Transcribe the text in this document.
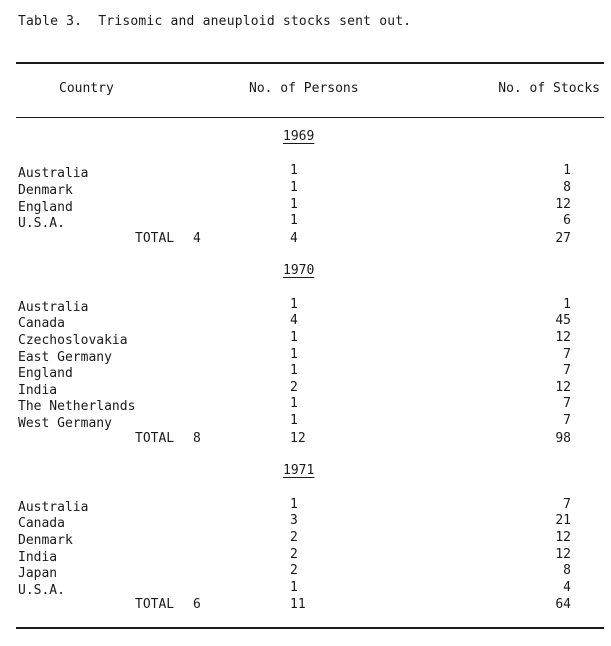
Table 3.  Trisomic and aneuploid stocks sent out.
Country	No. of Persons	No. of Stocks
1969
Australia	1	1
Denmark	1	8
England	1	12
U.S.A.	1	6
TOTAL 4	4	27
1970
Australia	1	1
Canada	4	45
Czechoslovakia	1	12
East Germany	1	7
England	1	7
India	2	12
The Netherlands	1	7
West Germany	1	7
TOTAL 8	12	98
1971
Australia	1	7
Canada	3	21
Denmark	2	12
India	2	12
Japan	2	8
U.S.A.	1	4
TOTAL 6	11	64
